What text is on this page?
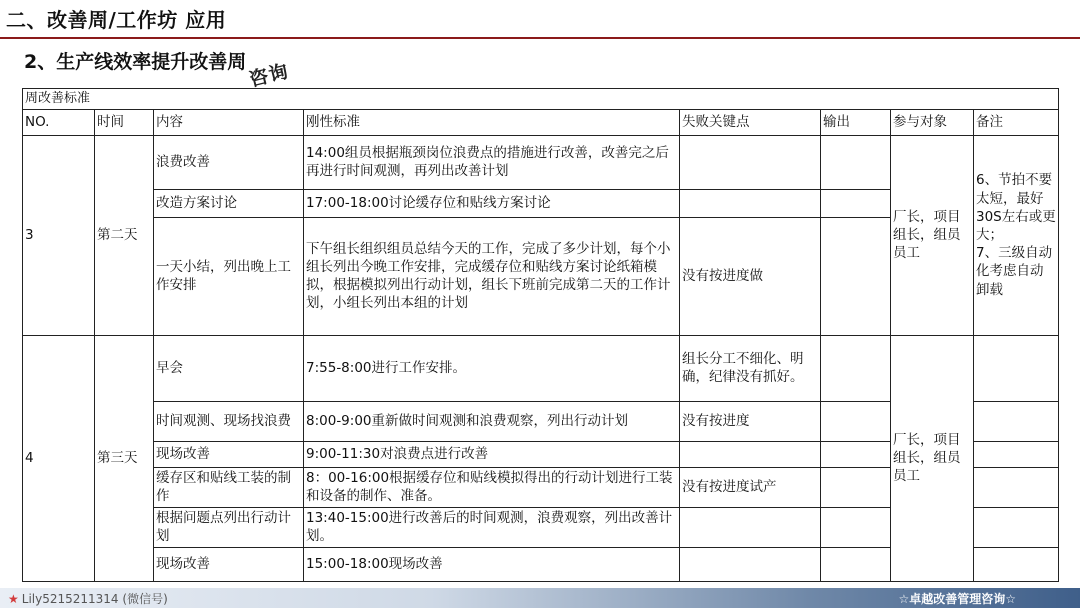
二、改善周/工作坊 应用
2、生产线效率提升改善周 咨询
周改善标准							
NO.	时间	内容	刚性标准	失败关键点	输出	参与对象	备注
3	第二天	浪费改善	14:00组员根据瓶颈岗位浪费点的措施进行改善，改善完之后再进行时间观测，再列出改善计划			厂长，项目组长，组员员工	6、节拍不要太短，最好30S左右或更大；
7、三级自动化考虑自动卸载
		改造方案讨论	17:00-18:00讨论缓存位和贴线方案讨论				
		一天小结，列出晚上工作安排	下午组长组织组员总结今天的工作，完成了多少计划，每个小组长列出今晚工作安排，完成缓存位和贴线方案讨论纸箱模拟，根据模拟列出行动计划，组长下班前完成第二天的工作计划，小组长列出本组的计划	没有按进度做			
4	第三天	早会	7:55-8:00进行工作安排。	组长分工不细化、明确，纪律没有抓好。		厂长，项目组长，组员员工	
		时间观测、现场找浪费	8:00-9:00重新做时间观测和浪费观察，列出行动计划	没有按进度			
		现场改善	9:00-11:30对浪费点进行改善				
		缓存区和贴线工装的制作	8：00-16:00根据缓存位和贴线模拟得出的行动计划进行工装和设备的制作、准备。	没有按进度试产			
		根据问题点列出行动计划	13:40-15:00进行改善后的时间观测，浪费观察，列出改善计划。				
		现场改善	15:00-18:00现场改善				
★ Lily5215211314 (微信号)	☆卓越改善管理咨询☆
